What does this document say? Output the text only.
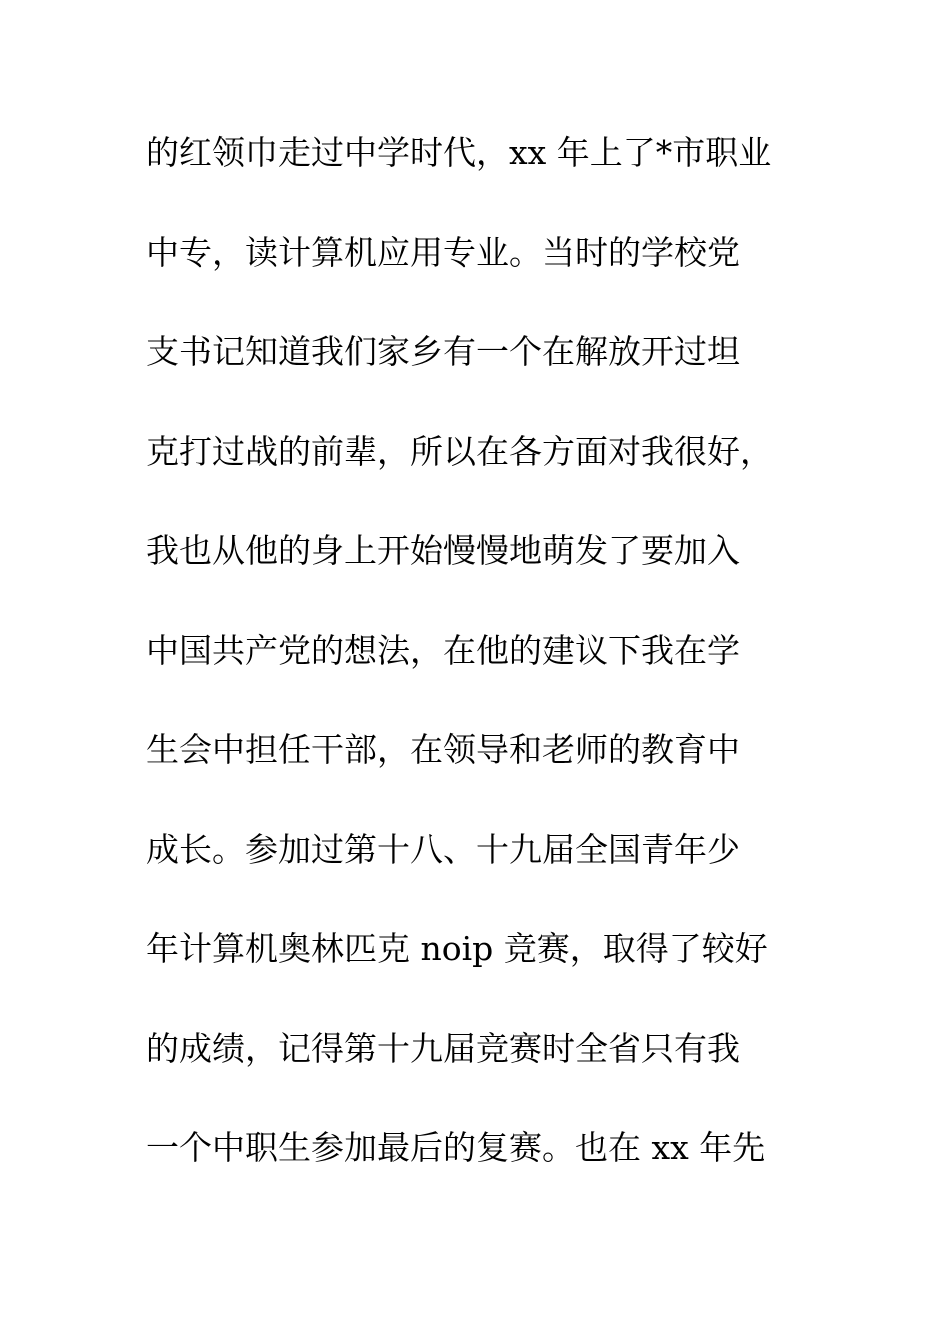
的红领巾走过中学时代，xx 年上了*市职业
中专，读计算机应用专业。当时的学校党
支书记知道我们家乡有一个在解放开过坦
克打过战的前辈，所以在各方面对我很好，
我也从他的身上开始慢慢地萌发了要加入
中国共产党的想法，在他的建议下我在学
生会中担任干部，在领导和老师的教育中
成长。参加过第十八、十九届全国青年少
年计算机奥林匹克 noip 竞赛，取得了较好
的成绩，记得第十九届竞赛时全省只有我
一个中职生参加最后的复赛。也在 xx 年先
